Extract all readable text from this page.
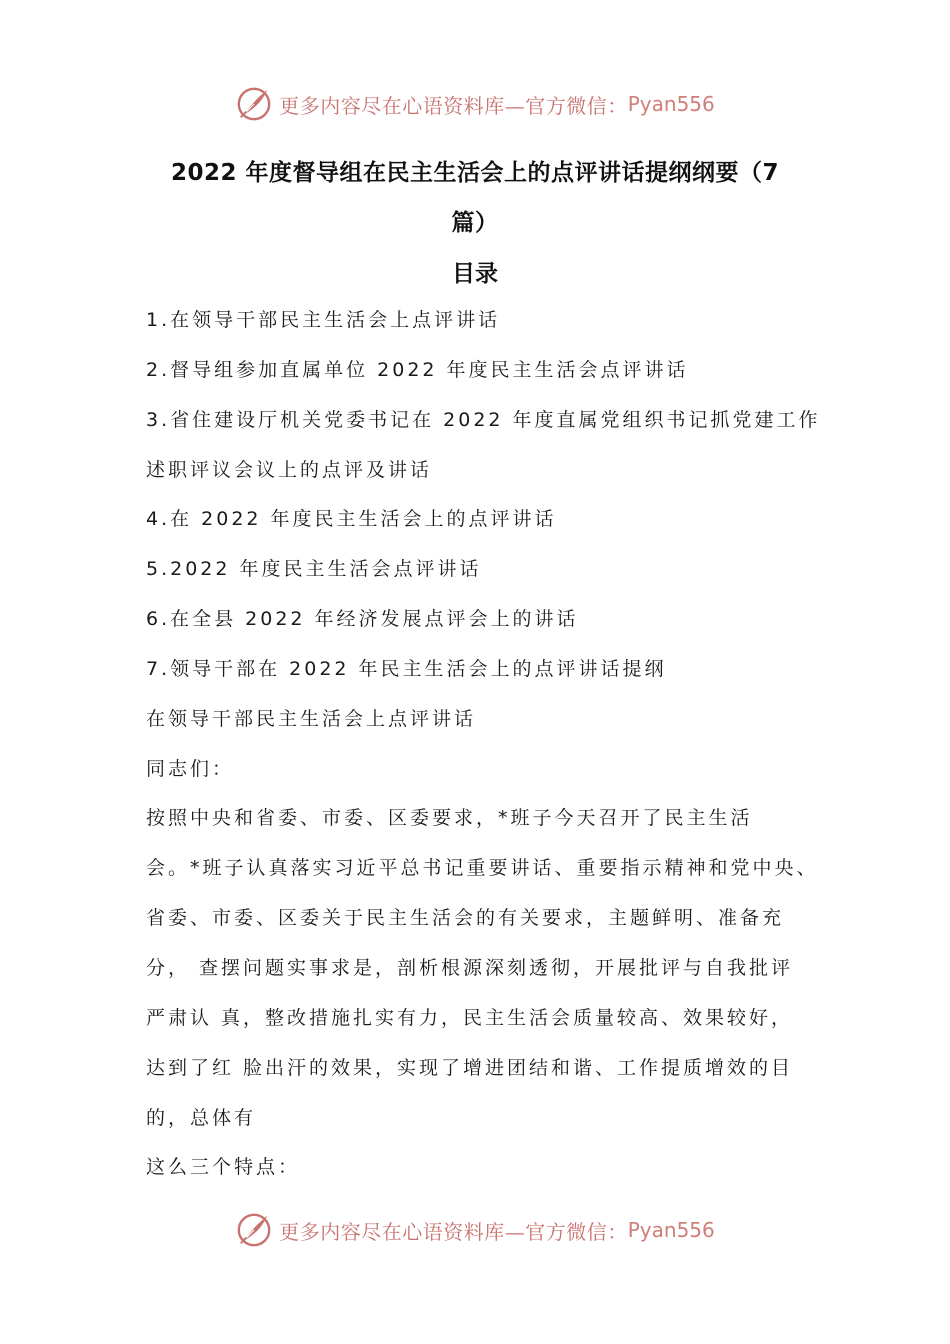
更多内容尽在心语资料库—官方微信： Pyan556
2022 年度督导组在民主生活会上的点评讲话提纲纲要（7
篇）
目录
1.在领导干部民主生活会上点评讲话
2.督导组参加直属单位 2022 年度民主生活会点评讲话
3.省住建设厅机关党委书记在 2022 年度直属党组织书记抓党建工作
述职评议会议上的点评及讲话
4.在 2022 年度民主生活会上的点评讲话
5.2022 年度民主生活会点评讲话
6.在全县 2022 年经济发展点评会上的讲话
7.领导干部在 2022 年民主生活会上的点评讲话提纲
在领导干部民主生活会上点评讲话
同志们：
按照中央和省委、市委、区委要求，*班子今天召开了民主生活
会。*班子认真落实习近平总书记重要讲话、重要指示精神和党中央、
省委、市委、区委关于民主生活会的有关要求，主题鲜明、准备充
分， 查摆问题实事求是，剖析根源深刻透彻，开展批评与自我批评
严肃认 真，整改措施扎实有力，民主生活会质量较高、效果较好，
达到了红 脸出汗的效果，实现了增进团结和谐、工作提质增效的目
的，总体有
这么三个特点：
更多内容尽在心语资料库—官方微信： Pyan556
